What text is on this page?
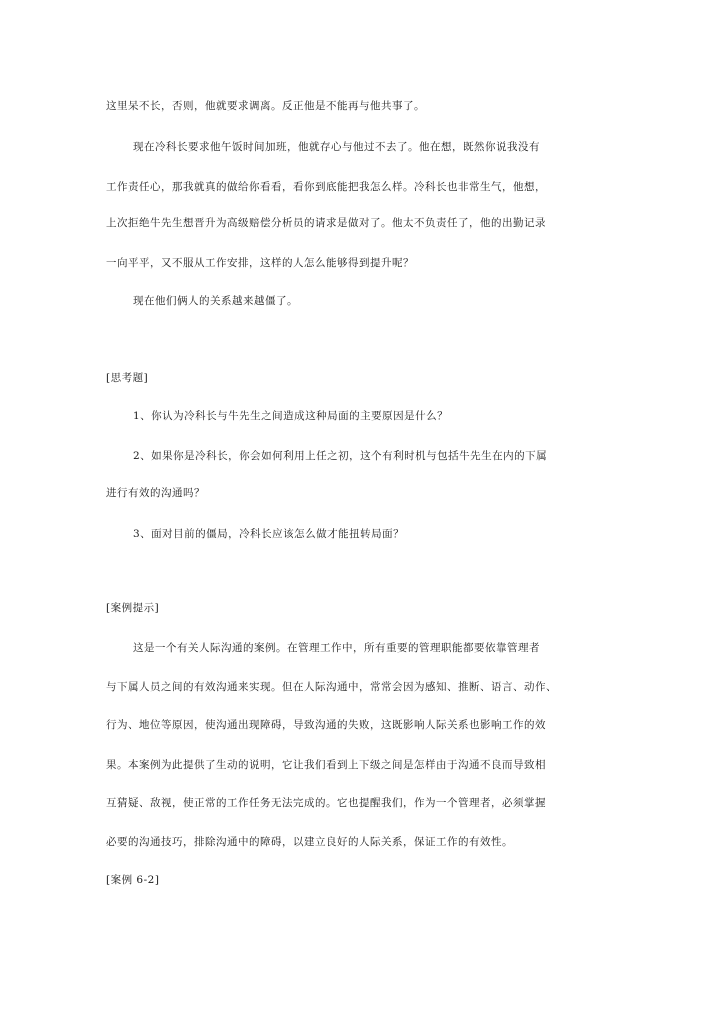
这里呆不长，否则，他就要求调离。反正他是不能再与他共事了。
现在冷科长要求他午饭时间加班，他就存心与他过不去了。他在想，既然你说我没有
工作责任心，那我就真的做给你看看，看你到底能把我怎么样。冷科长也非常生气，他想，
上次拒绝牛先生想晋升为高级赔偿分析员的请求是做对了。他太不负责任了，他的出勤记录
一向平平，又不服从工作安排，这样的人怎么能够得到提升呢？
现在他们俩人的关系越来越僵了。
[思考题]
1、你认为冷科长与牛先生之间造成这种局面的主要原因是什么？
2、如果你是冷科长，你会如何利用上任之初，这个有利时机与包括牛先生在内的下属
进行有效的沟通吗？
3、面对目前的僵局，冷科长应该怎么做才能扭转局面？
[案例提示]
这是一个有关人际沟通的案例。在管理工作中，所有重要的管理职能都要依靠管理者
与下属人员之间的有效沟通来实现。但在人际沟通中，常常会因为感知、推断、语言、动作、
行为、地位等原因，使沟通出现障碍，导致沟通的失败，这既影响人际关系也影响工作的效
果。本案例为此提供了生动的说明，它让我们看到上下级之间是怎样由于沟通不良而导致相
互猜疑、敌视，使正常的工作任务无法完成的。它也提醒我们，作为一个管理者，必须掌握
必要的沟通技巧，排除沟通中的障碍，以建立良好的人际关系，保证工作的有效性。
[案例 6-2]
